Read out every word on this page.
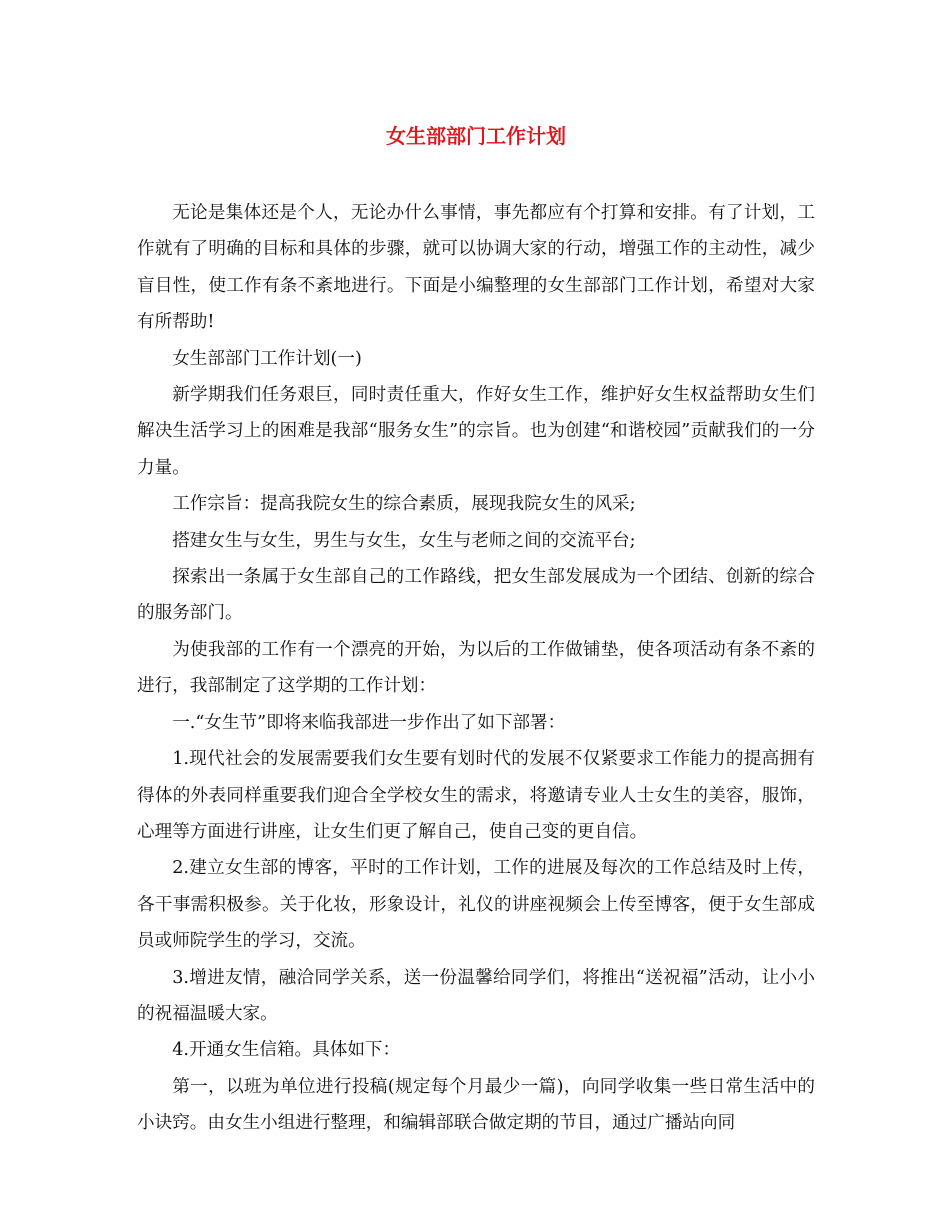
女生部部门工作计划

无论是集体还是个人，无论办什么事情，事先都应有个打算和安排。有了计划，工作就有了明确的目标和具体的步骤，就可以协调大家的行动，增强工作的主动性，减少盲目性，使工作有条不紊地进行。下面是小编整理的女生部部门工作计划，希望对大家有所帮助!

女生部部门工作计划(一)

新学期我们任务艰巨，同时责任重大，作好女生工作，维护好女生权益帮助女生们解决生活学习上的困难是我部“服务女生”的宗旨。也为创建“和谐校园”贡献我们的一分力量。

工作宗旨：提高我院女生的综合素质，展现我院女生的风采;

搭建女生与女生，男生与女生，女生与老师之间的交流平台;

探索出一条属于女生部自己的工作路线，把女生部发展成为一个团结、创新的综合的服务部门。

为使我部的工作有一个漂亮的开始，为以后的工作做铺垫，使各项活动有条不紊的进行，我部制定了这学期的工作计划：

一.“女生节”即将来临我部进一步作出了如下部署：

1.现代社会的发展需要我们女生要有划时代的发展不仅紧要求工作能力的提高拥有得体的外表同样重要我们迎合全学校女生的需求，将邀请专业人士女生的美容，服饰，心理等方面进行讲座，让女生们更了解自己，使自己变的更自信。

2.建立女生部的博客，平时的工作计划，工作的进展及每次的工作总结及时上传，各干事需积极参。关于化妆，形象设计，礼仪的讲座视频会上传至博客，便于女生部成员或师院学生的学习，交流。

3.增进友情，融洽同学关系，送一份温馨给同学们，将推出“送祝福”活动，让小小的祝福温暖大家。

4.开通女生信箱。具体如下：

第一，以班为单位进行投稿(规定每个月最少一篇)，向同学收集一些日常生活中的小诀窍。由女生小组进行整理，和编辑部联合做定期的节目，通过广播站向同
